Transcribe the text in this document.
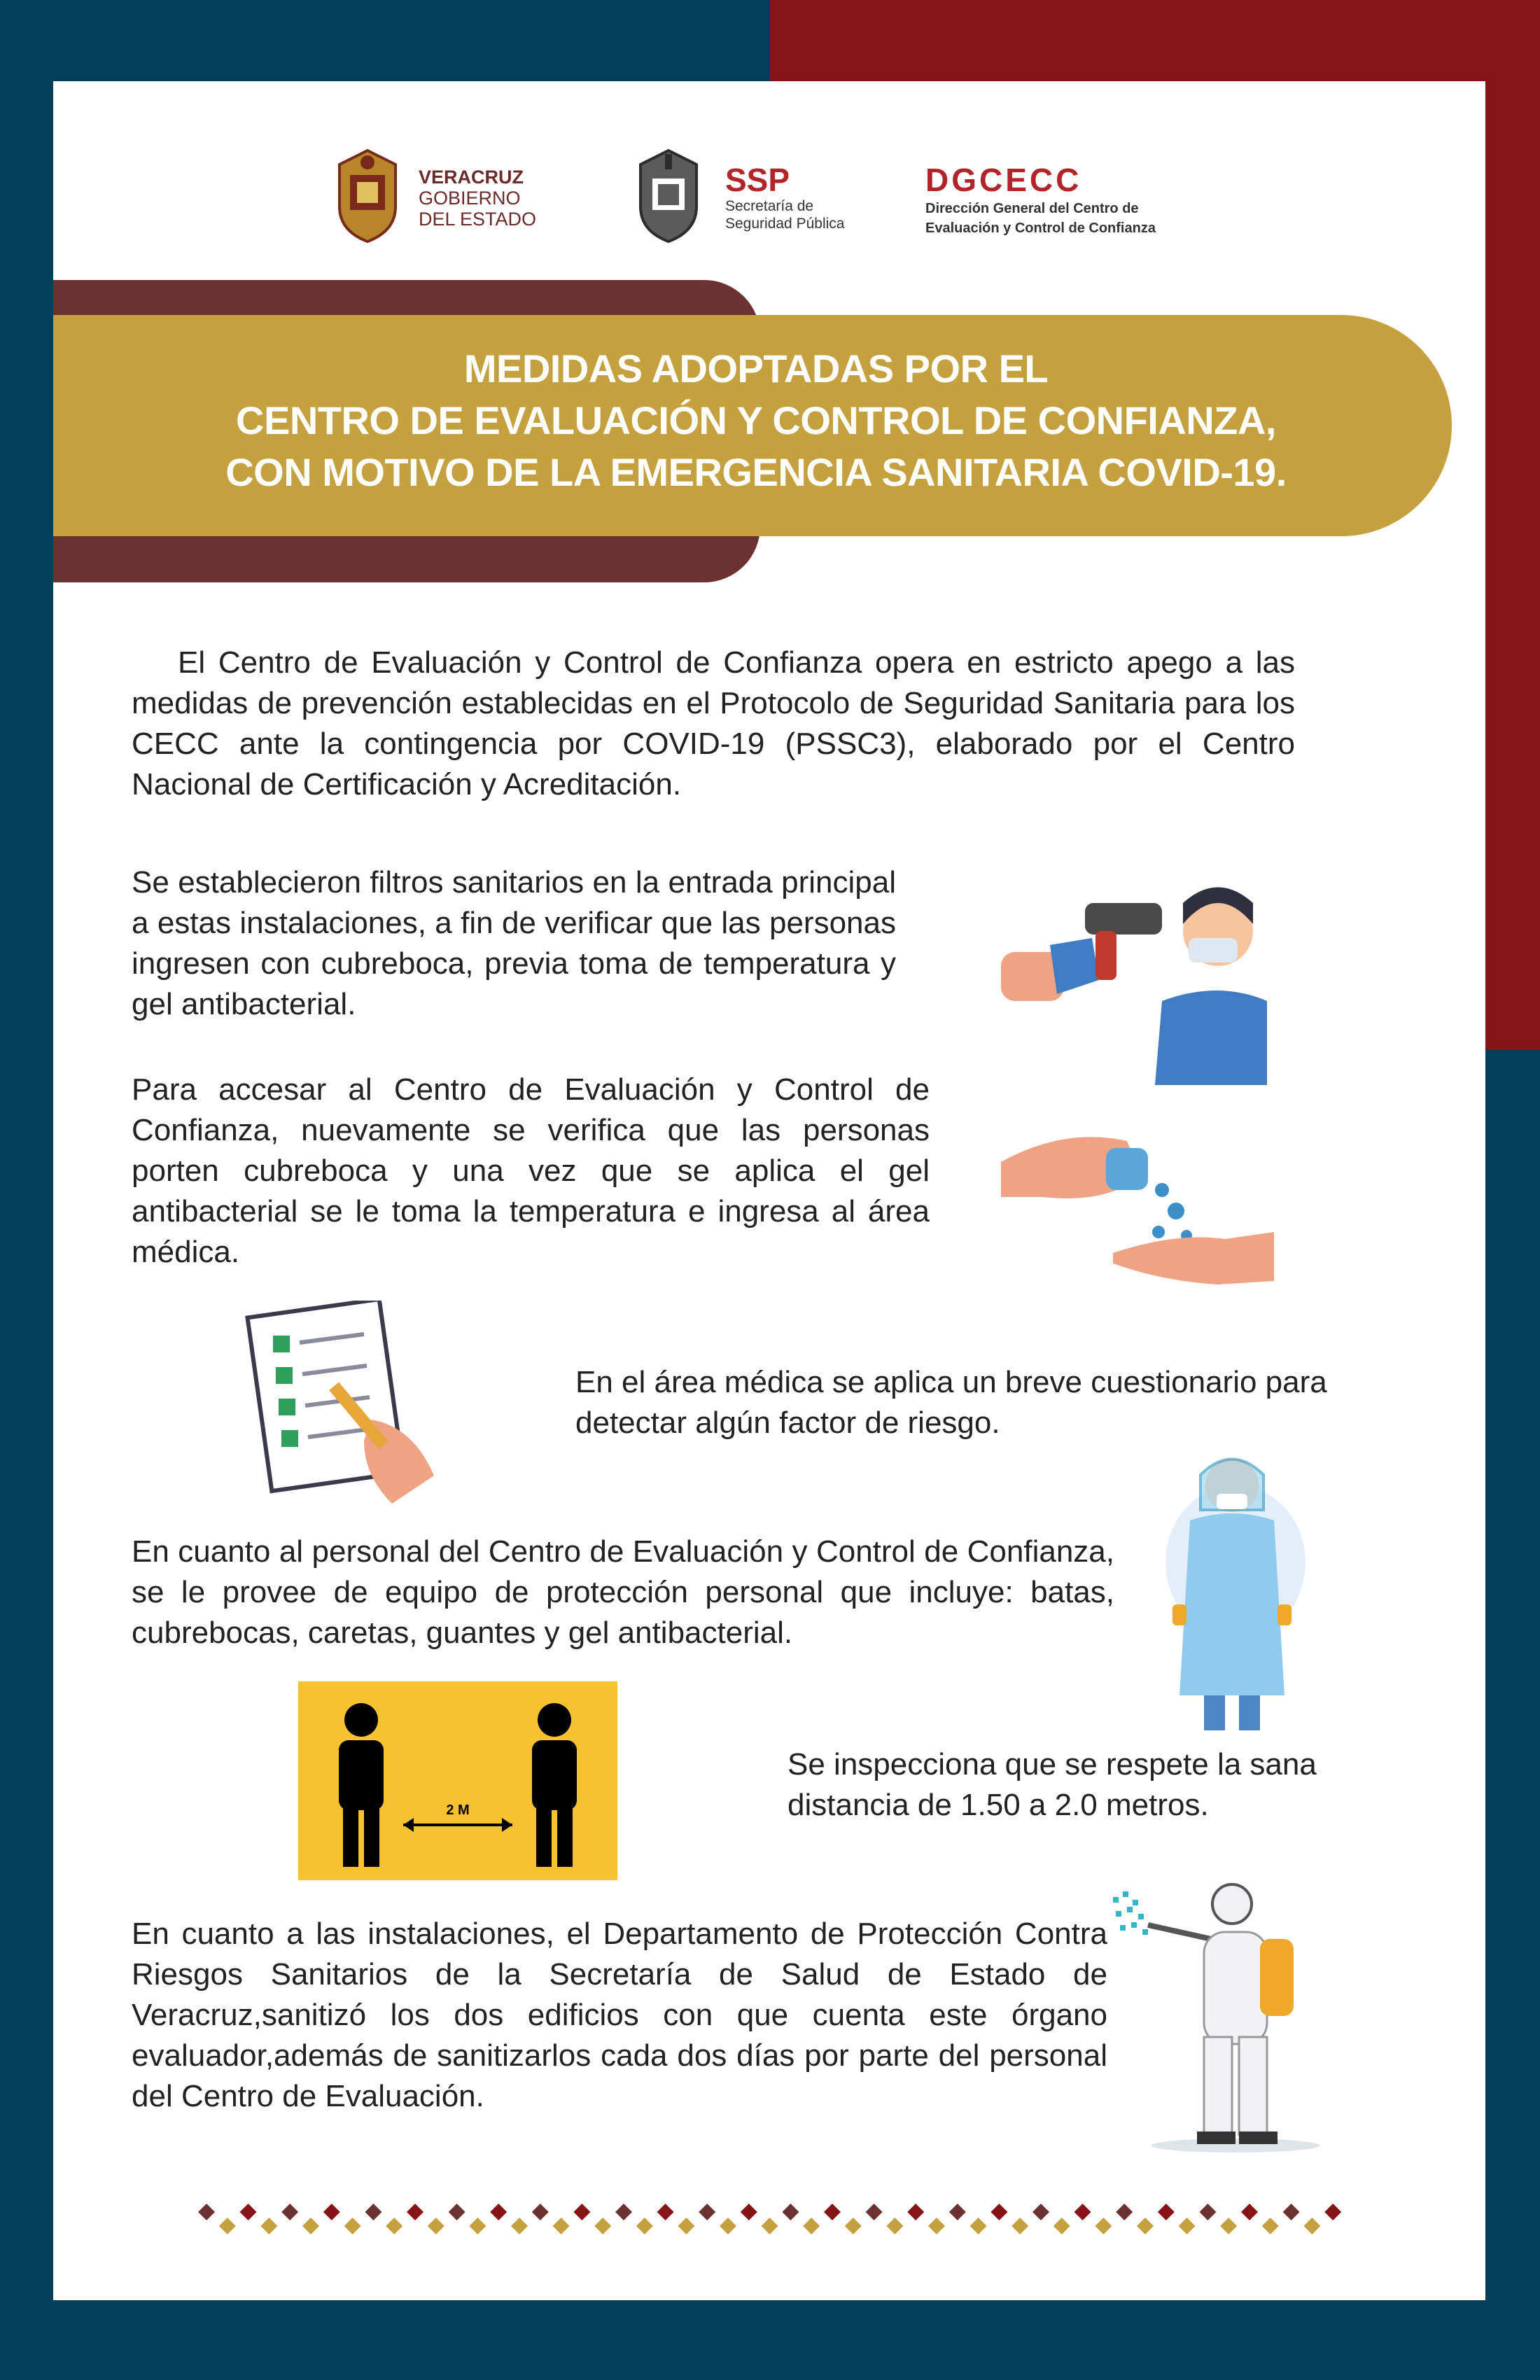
VERACRUZ
GOBIERNO
DEL ESTADO
SSP
Secretaría de
Seguridad Pública
DGCECC
Dirección General del Centro de
Evaluación y Control de Confianza
MEDIDAS ADOPTADAS POR EL
CENTRO DE EVALUACIÓN Y CONTROL DE CONFIANZA,
CON MOTIVO DE LA EMERGENCIA SANITARIA COVID-19.
El Centro de Evaluación y Control de Confianza opera en estricto apego a las medidas de prevención establecidas en el Protocolo de Seguridad Sanitaria para los CECC ante la contingencia por COVID-19 (PSSC3), elaborado por el Centro Nacional de Certificación y Acreditación.
Se establecieron filtros sanitarios en la entrada principal a estas instalaciones, a fin de verificar que las personas ingresen con cubreboca, previa toma de temperatura y gel antibacterial.
Para accesar al Centro de Evaluación y Control de Confianza, nuevamente se verifica que las personas porten cubreboca y una vez que se aplica el gel antibacterial se le toma la temperatura e ingresa al área médica.
En el área médica se aplica un breve cuestionario para detectar algún factor de riesgo.
En cuanto al personal del Centro de Evaluación y Control de Confianza, se le provee de equipo de protección personal que incluye: batas, cubrebocas, caretas, guantes y gel antibacterial.
2 M
Se inspecciona que se respete la sana distancia de 1.50 a 2.0 metros.
En cuanto a las instalaciones, el Departamento de Protección Contra Riesgos Sanitarios de la Secretaría de Salud de Estado de Veracruz,sanitizó los dos edificios con que cuenta este órgano evaluador,además de sanitizarlos cada dos días por parte del personal del Centro de Evaluación.
